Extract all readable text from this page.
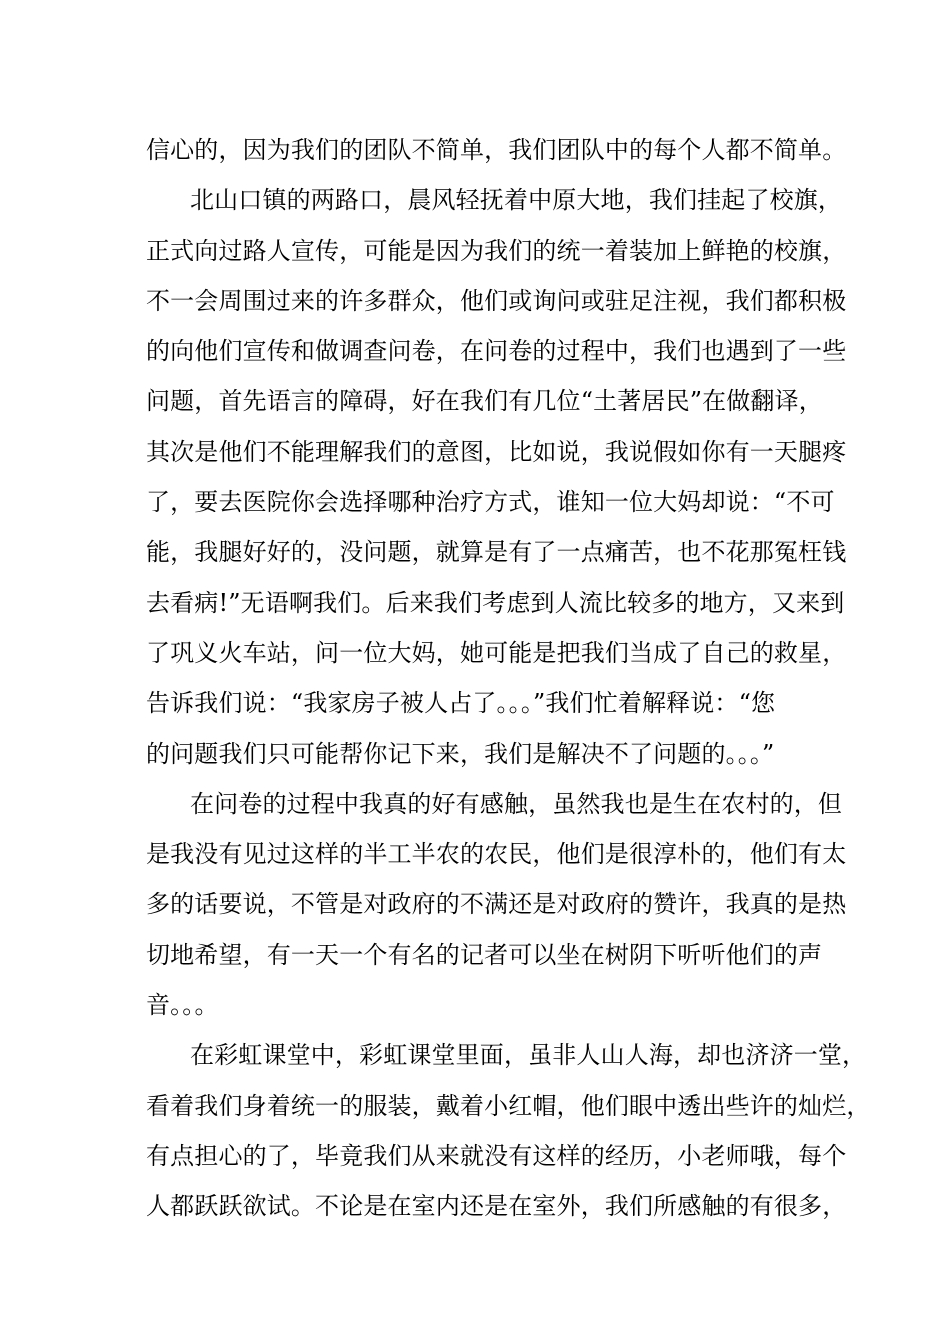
信心的，因为我们的团队不简单，我们团队中的每个人都不简单。
北山口镇的两路口，晨风轻抚着中原大地，我们挂起了校旗，
正式向过路人宣传，可能是因为我们的统一着装加上鲜艳的校旗，
不一会周围过来的许多群众，他们或询问或驻足注视，我们都积极
的向他们宣传和做调查问卷，在问卷的过程中，我们也遇到了一些
问题，首先语言的障碍，好在我们有几位“土著居民”在做翻译，
其次是他们不能理解我们的意图，比如说，我说假如你有一天腿疼
了，要去医院你会选择哪种治疗方式，谁知一位大妈却说：“不可
能，我腿好好的，没问题，就算是有了一点痛苦，也不花那冤枉钱
去看病!”无语啊我们。后来我们考虑到人流比较多的地方，又来到
了巩义火车站，问一位大妈，她可能是把我们当成了自己的救星，
告诉我们说：“我家房子被人占了。。。”我们忙着解释说：“您
的问题我们只可能帮你记下来，我们是解决不了问题的。。。”
在问卷的过程中我真的好有感触，虽然我也是生在农村的，但
是我没有见过这样的半工半农的农民，他们是很淳朴的，他们有太
多的话要说，不管是对政府的不满还是对政府的赞许，我真的是热
切地希望，有一天一个有名的记者可以坐在树阴下听听他们的声
音。。。
在彩虹课堂中，彩虹课堂里面，虽非人山人海，却也济济一堂，
看着我们身着统一的服装，戴着小红帽，他们眼中透出些许的灿烂，
有点担心的了，毕竟我们从来就没有这样的经历，小老师哦，每个
人都跃跃欲试。不论是在室内还是在室外，我们所感触的有很多，
